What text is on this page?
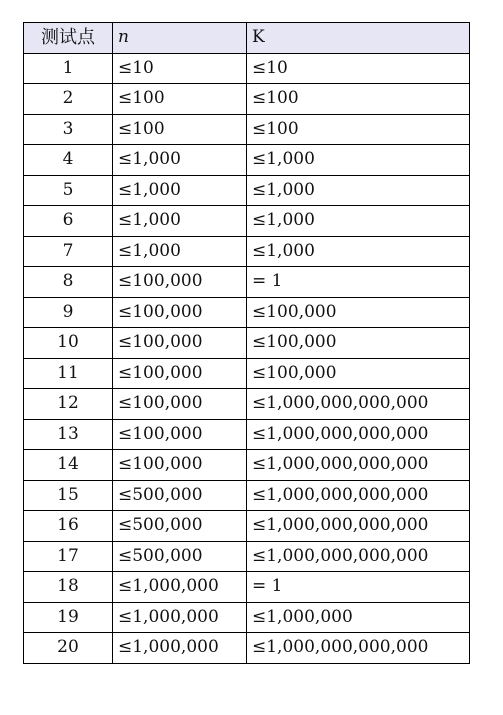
测试点	n	K
1	≤10	≤10
2	≤100	≤100
3	≤100	≤100
4	≤1,000	≤1,000
5	≤1,000	≤1,000
6	≤1,000	≤1,000
7	≤1,000	≤1,000
8	≤100,000	= 1
9	≤100,000	≤100,000
10	≤100,000	≤100,000
11	≤100,000	≤100,000
12	≤100,000	≤1,000,000,000,000
13	≤100,000	≤1,000,000,000,000
14	≤100,000	≤1,000,000,000,000
15	≤500,000	≤1,000,000,000,000
16	≤500,000	≤1,000,000,000,000
17	≤500,000	≤1,000,000,000,000
18	≤1,000,000	= 1
19	≤1,000,000	≤1,000,000
20	≤1,000,000	≤1,000,000,000,000
